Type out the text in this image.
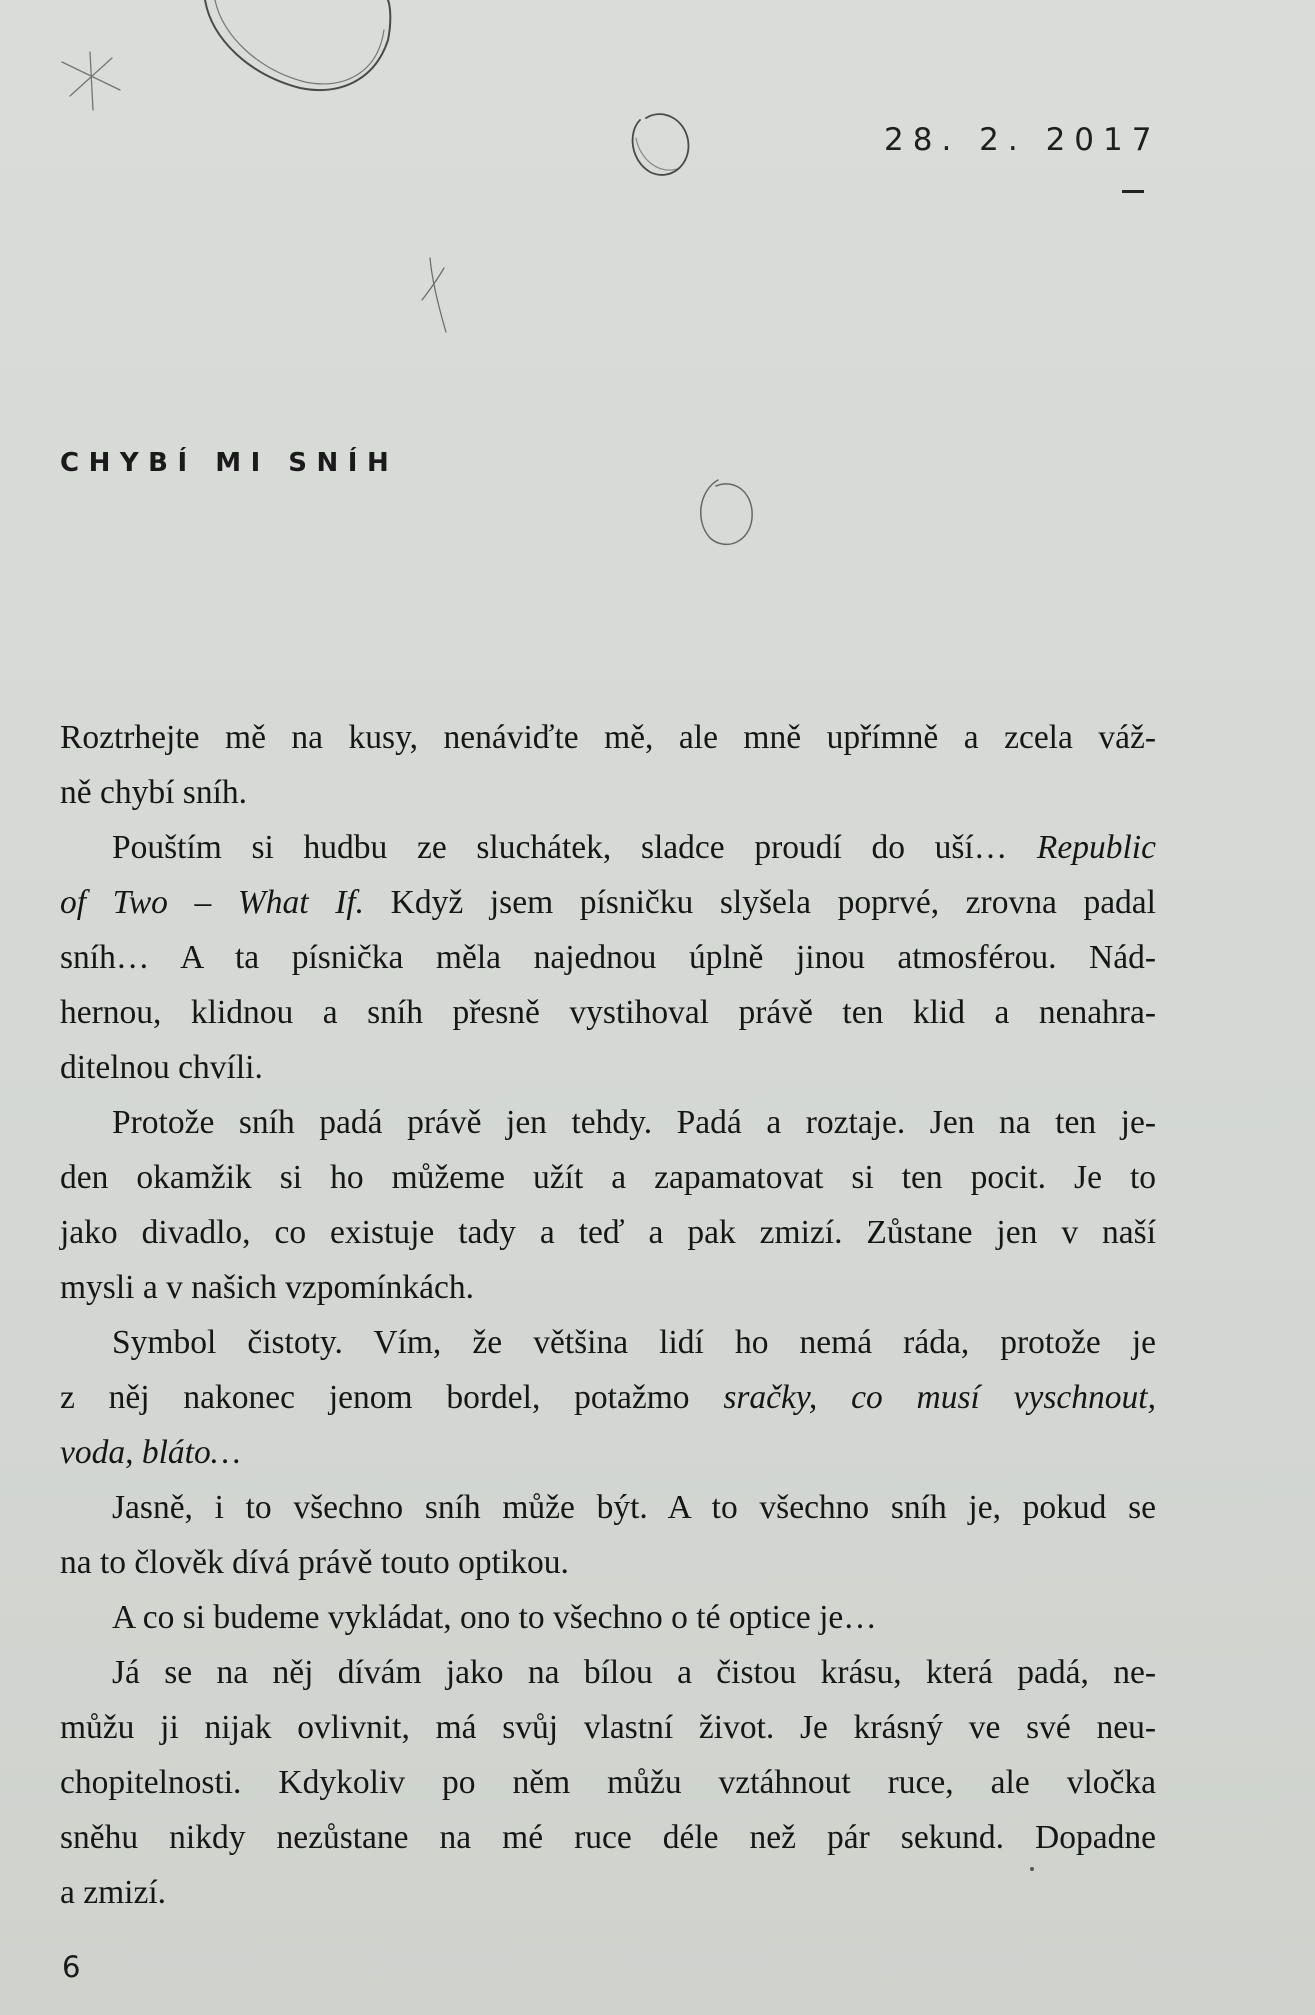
28. 2. 2017
CHYBÍ MI SNÍH
Roztrhejte mě na kusy, nenáviďte mě, ale mně upřímně a zcela váž-
ně chybí sníh.
Pouštím si hudbu ze sluchátek, sladce proudí do uší… Republic
of Two – What If. Když jsem písničku slyšela poprvé, zrovna padal
sníh… A ta písnička měla najednou úplně jinou atmosférou. Nád-
hernou, klidnou a sníh přesně vystihoval právě ten klid a nenahra-
ditelnou chvíli.
Protože sníh padá právě jen tehdy. Padá a roztaje. Jen na ten je-
den okamžik si ho můžeme užít a zapamatovat si ten pocit. Je to
jako divadlo, co existuje tady a teď a pak zmizí. Zůstane jen v naší
mysli a v našich vzpomínkách.
Symbol čistoty. Vím, že většina lidí ho nemá ráda, protože je
z něj nakonec jenom bordel, potažmo sračky, co musí vyschnout,
voda, bláto…
Jasně, i to všechno sníh může být. A to všechno sníh je, pokud se
na to člověk dívá právě touto optikou.
A co si budeme vykládat, ono to všechno o té optice je…
Já se na něj dívám jako na bílou a čistou krásu, která padá, ne-
můžu ji nijak ovlivnit, má svůj vlastní život. Je krásný ve své neu-
chopitelnosti. Kdykoliv po něm můžu vztáhnout ruce, ale vločka
sněhu nikdy nezůstane na mé ruce déle než pár sekund. Dopadne
a zmizí.
6
